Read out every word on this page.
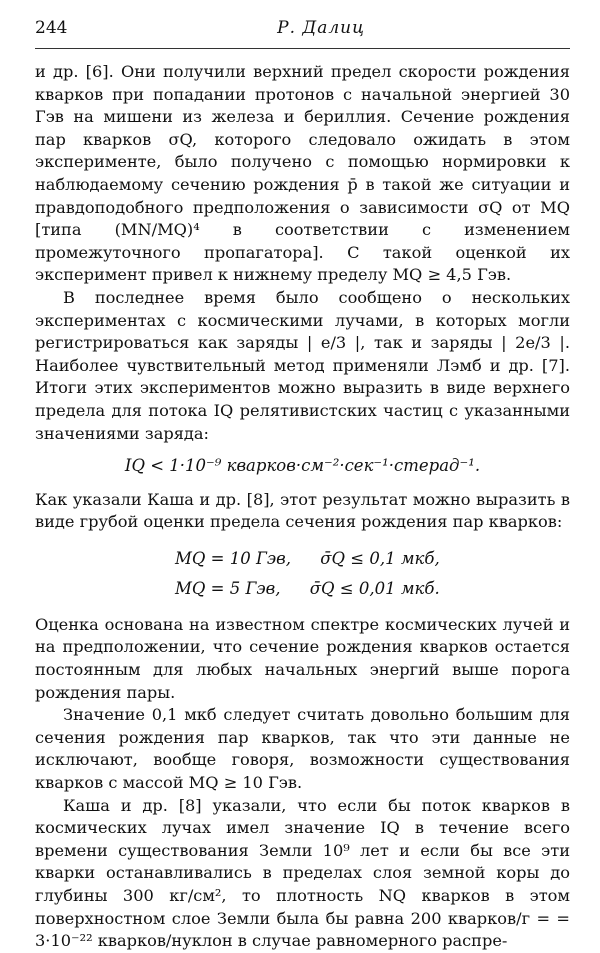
244	Р. Далиц

и др. [6]. Они получили верхний предел скорости рождения кварков при попадании протонов с начальной энергией 30 Гэв на мишени из железа и бериллия. Сечение рождения пар кварков σQ, которого следовало ожидать в этом эксперименте, было получено с помощью нормировки к наблюдаемому сечению рождения p̄ в такой же ситуации и правдоподобного предположения о зависимости σQ от MQ [типа (MN/MQ)⁴ в соответствии с изменением промежуточного пропагатора]. С такой оценкой их эксперимент привел к нижнему пределу MQ ≥ 4,5 Гэв.

В последнее время было сообщено о нескольких экспериментах с космическими лучами, в которых могли регистрироваться как заряды | e/3 |, так и заряды | 2e/3 |. Наиболее чувствительный метод применяли Лэмб и др. [7]. Итоги этих экспериментов можно выразить в виде верхнего предела для потока IQ релятивистских частиц с указанными значениями заряда:

IQ < 1·10⁻⁹ кварков·см⁻²·сек⁻¹·стерад⁻¹.

Как указали Каша и др. [8], этот результат можно выразить в виде грубой оценки предела сечения рождения пар кварков:

MQ = 10 Гэв, σ̄Q ≤ 0,1 мкб,
MQ = 5 Гэв, σ̄Q ≤ 0,01 мкб.

Оценка основана на известном спектре космических лучей и на предположении, что сечение рождения кварков остается постоянным для любых начальных энергий выше порога рождения пары.

Значение 0,1 мкб следует считать довольно большим для сечения рождения пар кварков, так что эти данные не исключают, вообще говоря, возможности существования кварков с массой MQ ≥ 10 Гэв.

Каша и др. [8] указали, что если бы поток кварков в космических лучах имел значение IQ в течение всего времени существования Земли 10⁹ лет и если бы все эти кварки останавливались в пределах слоя земной коры до глубины 300 кг/см², то плотность NQ кварков в этом поверхностном слое Земли была бы равна 200 кварков/г = = 3·10⁻²² кварков/нуклон в случае равномерного распре-
